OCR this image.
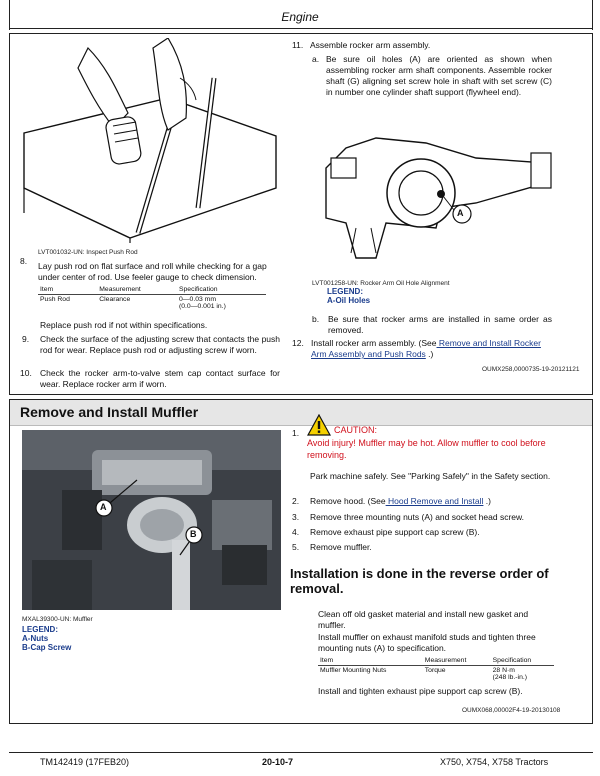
Engine
LVT001032-UN: Inspect Push Rod
8. Lay push rod on flat surface and roll while checking for a gap under center of rod. Use feeler gauge to check dimension.
Item	Measurement	Specification
Push Rod	Clearance	0—0.03 mm
(0.0—0.001 in.)
Replace push rod if not within specifications.
9. Check the surface of the adjusting screw that contacts the push rod for wear. Replace push rod or adjusting screw if worn.
10. Check the rocker arm-to-valve stem cap contact surface for wear. Replace rocker arm if worn.
11. Assemble rocker arm assembly.
a. Be sure oil holes (A) are oriented as shown when assembling rocker arm shaft components. Assemble rocker shaft (G) aligning set screw hole in shaft with set screw (C) in number one cylinder shaft support (flywheel end).
A
LVT001258-UN: Rocker Arm Oil Hole Alignment
LEGEND:
A-Oil Holes
b. Be sure that rocker arms are installed in same order as removed.
12. Install rocker arm assembly. (See Remove and Install Rocker Arm Assembly and Push Rods .)
OUMX258,0000735-19-20121121
Remove and Install Muffler
A
B
MXAL39300-UN: Muffler
LEGEND:
A-Nuts
B-Cap Screw
1.	CAUTION:
Avoid injury! Muffler may be hot. Allow muffler to cool before removing.
Park machine safely. See "Parking Safely" in the Safety section.
2. Remove hood. (See Hood Remove and Install .)
3. Remove three mounting nuts (A) and socket head screw.
4. Remove exhaust pipe support cap screw (B).
5. Remove muffler.
Installation is done in the reverse order of removal.
Clean off old gasket material and install new gasket and muffler.
Install muffler on exhaust manifold studs and tighten three mounting nuts (A) to specification.
Item	Measurement	Specification
Muffler Mounting Nuts	Torque	28 N·m
(248 lb.-in.)
Install and tighten exhaust pipe support cap screw (B).
OUMX068,00002F4-19-20130108
TM142419 (17FEB20)	20-10-7	X750, X754, X758 Tractors
